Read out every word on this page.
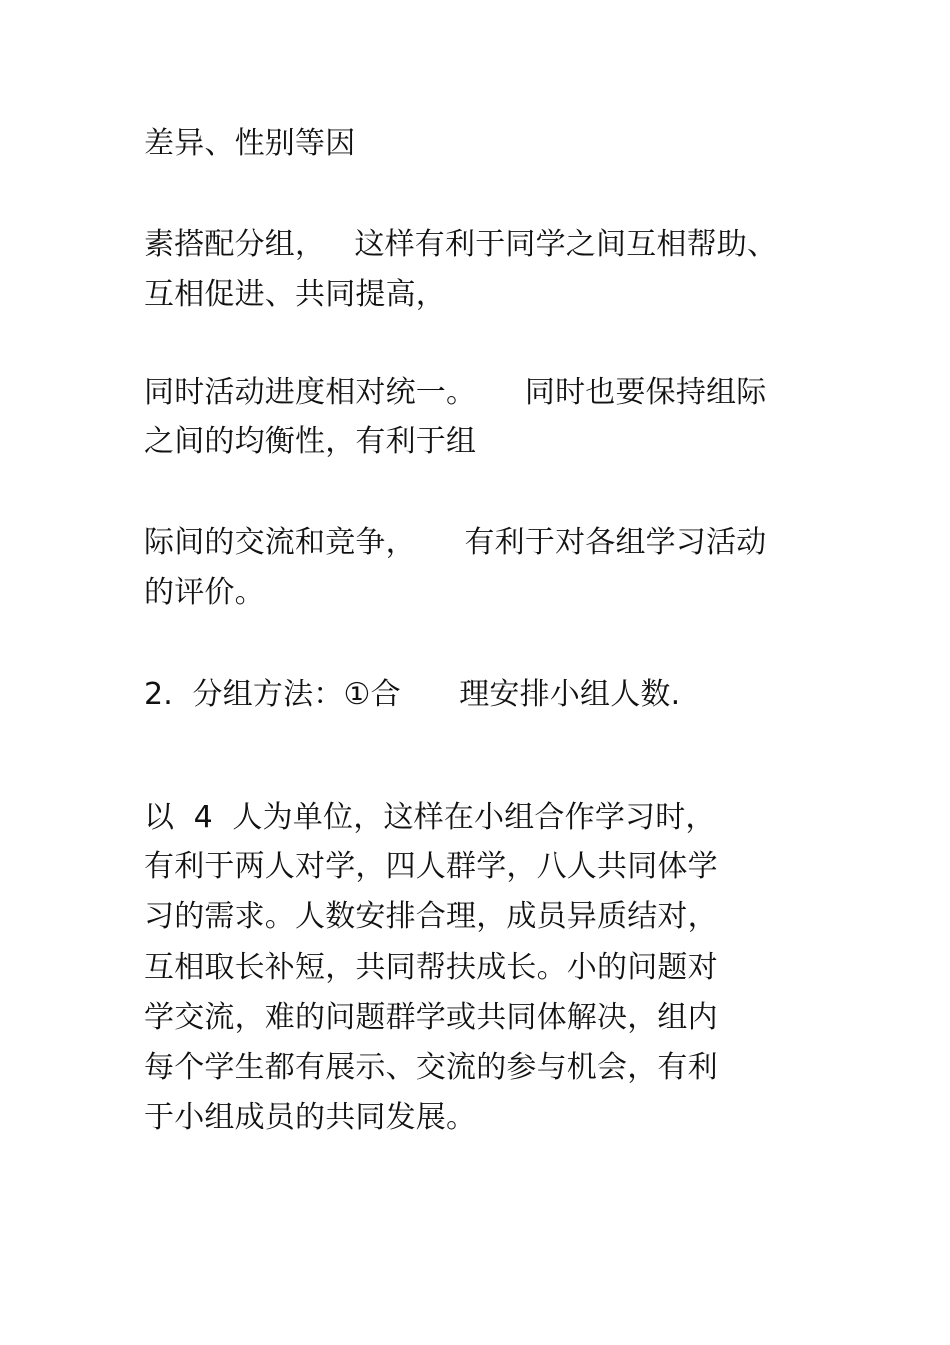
差异、性别等因

素搭配分组，   这样有利于同学之间互相帮助、

互相促进、共同提高，

同时活动进度相对统一。     同时也要保持组际

之间的均衡性，有利于组

际间的交流和竞争，     有利于对各组学习活动

的评价。

2.  分组方法：①合      理安排小组人数.

以  4  人为单位，这样在小组合作学习时，

有利于两人对学，四人群学，八人共同体学

习的需求。人数安排合理，成员异质结对，

互相取长补短，共同帮扶成长。小的问题对

学交流，难的问题群学或共同体解决，组内

每个学生都有展示、交流的参与机会，有利

于小组成员的共同发展。
